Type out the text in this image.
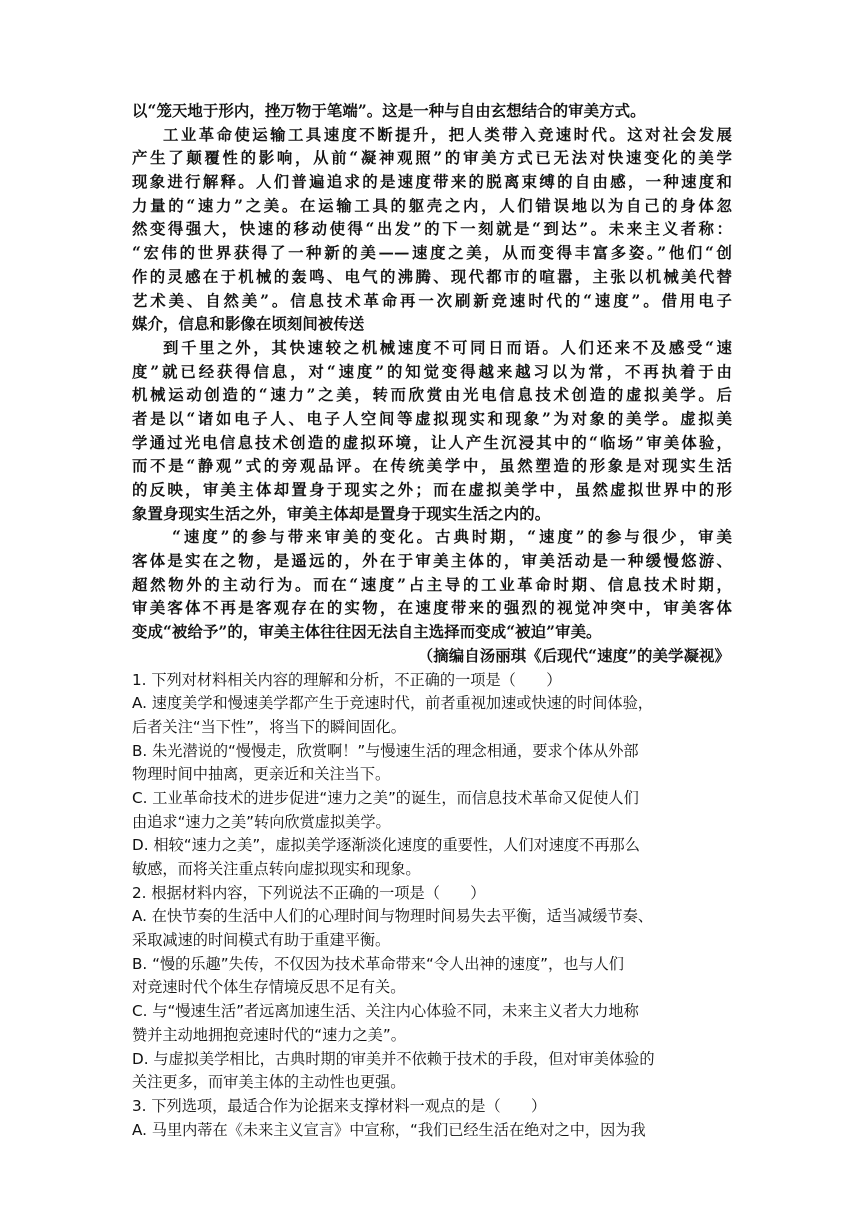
以“笼天地于形内，挫万物于笔端”。这是一种与自由玄想结合的审美方式。
工业革命使运输工具速度不断提升，把人类带入竞速时代。这对社会发展
产生了颠覆性的影响，从前“凝神观照”的审美方式已无法对快速变化的美学
现象进行解释。人们普遍追求的是速度带来的脱离束缚的自由感，一种速度和
力量的“速力”之美。在运输工具的躯壳之内，人们错误地以为自己的身体忽
然变得强大，快速的移动使得“出发”的下一刻就是“到达”。未来主义者称：
“宏伟的世界获得了一种新的美——速度之美，从而变得丰富多姿。”他们“创
作的灵感在于机械的轰鸣、电气的沸腾、现代都市的喧嚣，主张以机械美代替
艺术美、自然美”。信息技术革命再一次刷新竞速时代的“速度”。借用电子
媒介，信息和影像在顷刻间被传送
到千里之外，其快速较之机械速度不可同日而语。人们还来不及感受“速
度”就已经获得信息，对“速度”的知觉变得越来越习以为常，不再执着于由
机械运动创造的“速力”之美，转而欣赏由光电信息技术创造的虚拟美学。后
者是以“诸如电子人、电子人空间等虚拟现实和现象”为对象的美学。虚拟美
学通过光电信息技术创造的虚拟环境，让人产生沉浸其中的“临场”审美体验，
而不是“静观”式的旁观品评。在传统美学中，虽然塑造的形象是对现实生活
的反映，审美主体却置身于现实之外；而在虚拟美学中，虽然虚拟世界中的形
象置身现实生活之外，审美主体却是置身于现实生活之内的。
“速度”的参与带来审美的变化。古典时期，“速度”的参与很少，审美
客体是实在之物，是遥远的，外在于审美主体的，审美活动是一种缓慢悠游、
超然物外的主动行为。而在“速度”占主导的工业革命时期、信息技术时期，
审美客体不再是客观存在的实物，在速度带来的强烈的视觉冲突中，审美客体
变成“被给予”的，审美主体往往因无法自主选择而变成“被迫”审美。
（摘编自汤丽琪《后现代“速度”的美学凝视》
1. 下列对材料相关内容的理解和分析，不正确的一项是（　　）
A. 速度美学和慢速美学都产生于竞速时代，前者重视加速或快速的时间体验，
后者关注“当下性”，将当下的瞬间固化。
B. 朱光潜说的“慢慢走，欣赏啊！”与慢速生活的理念相通，要求个体从外部
物理时间中抽离，更亲近和关注当下。
C. 工业革命技术的进步促进“速力之美”的诞生，而信息技术革命又促使人们
由追求“速力之美”转向欣赏虚拟美学。
D. 相较“速力之美”，虚拟美学逐渐淡化速度的重要性，人们对速度不再那么
敏感，而将关注重点转向虚拟现实和现象。
2. 根据材料内容，下列说法不正确的一项是（　　）
A. 在快节奏的生活中人们的心理时间与物理时间易失去平衡，适当减缓节奏、
采取减速的时间模式有助于重建平衡。
B. “慢的乐趣”失传，不仅因为技术革命带来“令人出神的速度”，也与人们
对竞速时代个体生存情境反思不足有关。
C. 与“慢速生活”者远离加速生活、关注内心体验不同，未来主义者大力地称
赞并主动地拥抱竞速时代的“速力之美”。
D. 与虚拟美学相比，古典时期的审美并不依赖于技术的手段，但对审美体验的
关注更多，而审美主体的主动性也更强。
3. 下列选项，最适合作为论据来支撑材料一观点的是（　　）
A. 马里内蒂在《未来主义宣言》中宣称，“我们已经生活在绝对之中，因为我
